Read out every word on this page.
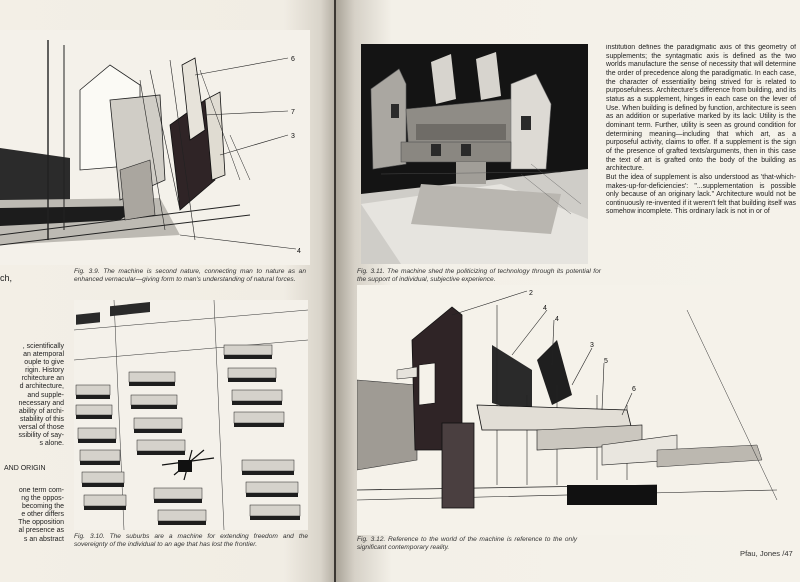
6
7
3
4
Fig. 3.9. The machine is second nature, connecting man to nature as an enhanced vernacular—giving form to man's understanding of natural forces.
ch,
, scientifically
an atemporal
ouple to give
rigin. History
rchitecture an
d architecture,
and supple-
necessary and
ability of archi-
stability of this
versal of those
ssibility of say-
s alone.
AND ORIGIN
one term com-
ng the oppos-
becoming the
e other differs
The opposition
al presence as
s an abstract Fig. 3.10. The suburbs are a machine for extending freedom and the sovereignty of the individual to an age that has lost the frontier.
Fig. 3.11. The machine shed the politicizing of technology through its potential for the support of individual, subjective experience.
institution defines the paradigmatic axis of this geometry of supplements; the syntagmatic axis is defined as the two worlds manufacture the sense of necessity that will determine the order of precedence along the paradigmatic. In each case, the character of essentiality being strived for is related to purposefulness. Architecture's difference from building, and its status as a supplement, hinges in each case on the lever of Use. When building is defined by function, architecture is seen as an addition or superlative marked by its lack: Utility is the dominant term. Further, utility is seen as ground condition for determining meaning—including that which art, as a purposeful activity, claims to offer. If a supplement is the sign of the presence of grafted texts/arguments, then in this case the text of art is grafted onto the body of the building as architecture.
But the idea of supplement is also understood as 'that-which-makes-up-for-deficiencies': "...supplementation is possible only because of an originary lack." Architecture would not be continuously re-invented if it weren't felt that building itself was somehow incomplete. This ordinary lack is not in or of
2
4
4
3
5
6
Fig. 3.12. Reference to the world of the machine is reference to the only significant contemporary reality.
Pfau, Jones /47
